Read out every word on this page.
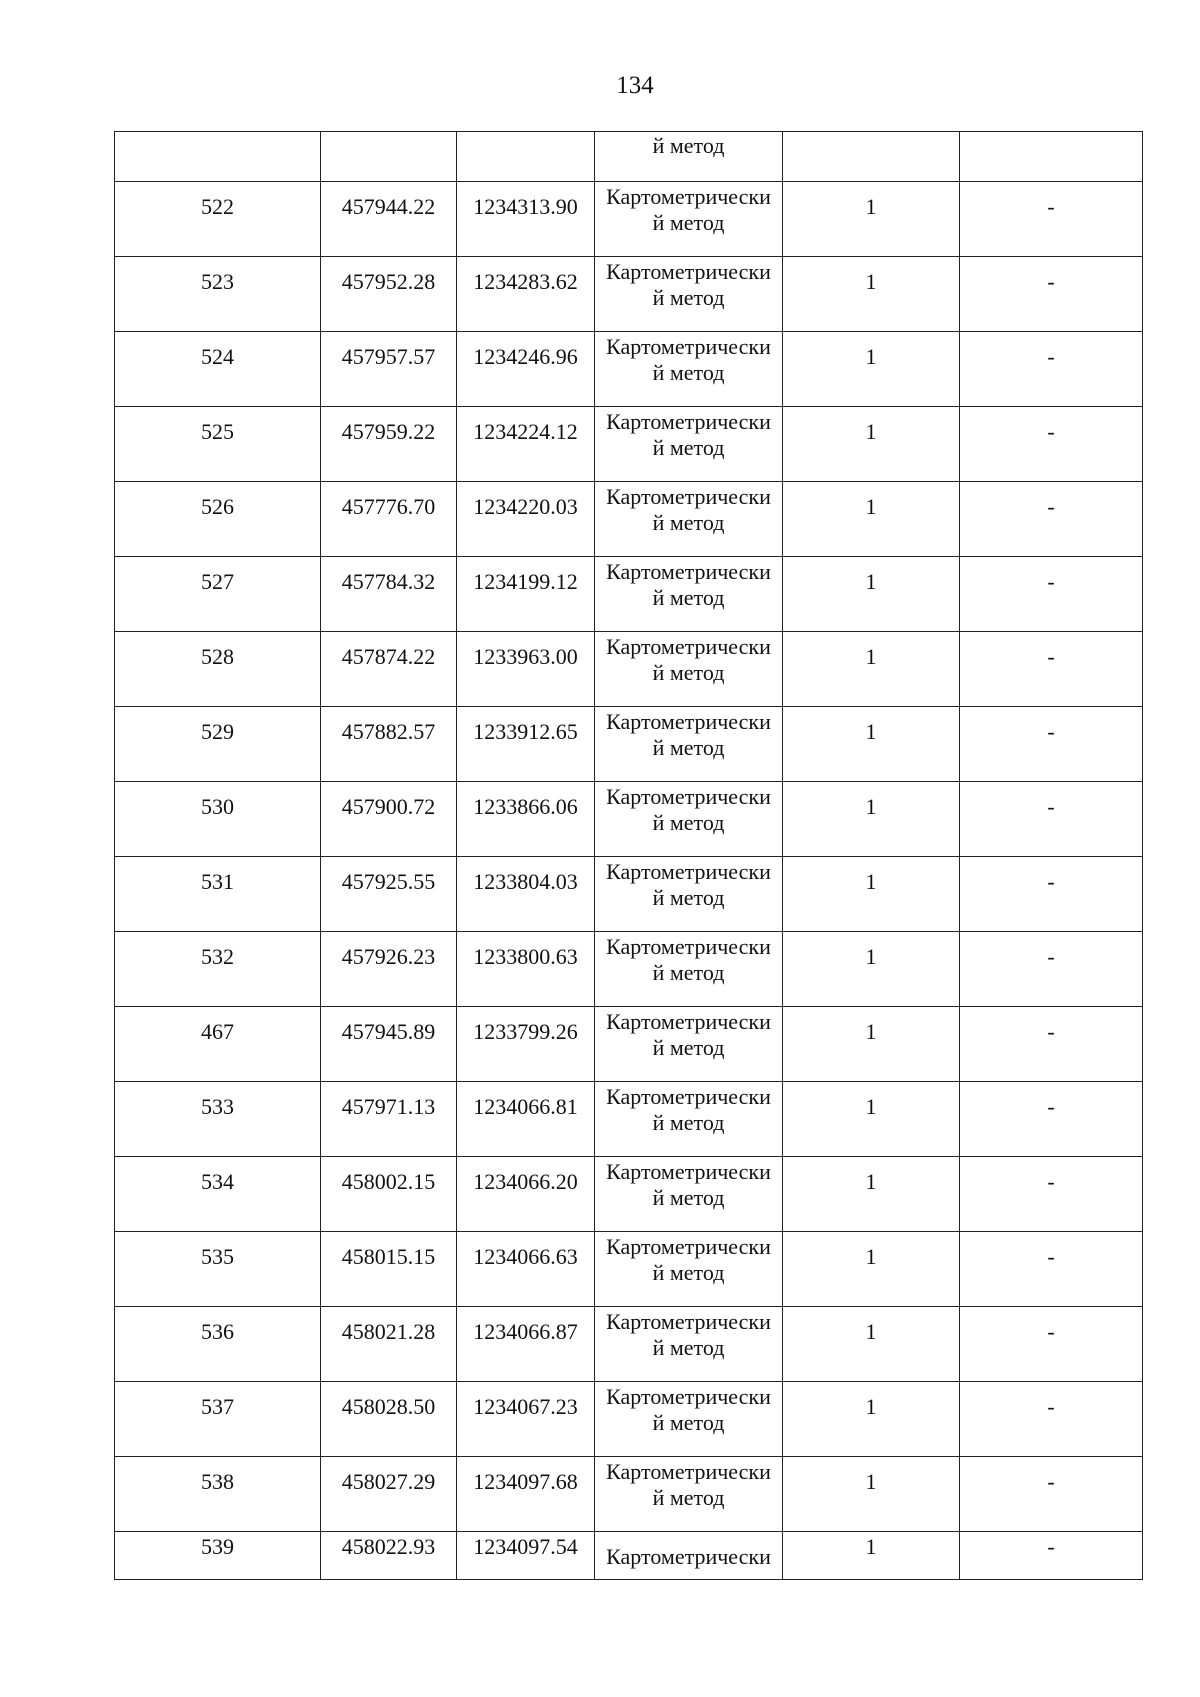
134
			й метод		
522	457944.22	1234313.90	Картометрически
й метод	1	-
523	457952.28	1234283.62	Картометрически
й метод	1	-
524	457957.57	1234246.96	Картометрически
й метод	1	-
525	457959.22	1234224.12	Картометрически
й метод	1	-
526	457776.70	1234220.03	Картометрически
й метод	1	-
527	457784.32	1234199.12	Картометрически
й метод	1	-
528	457874.22	1233963.00	Картометрически
й метод	1	-
529	457882.57	1233912.65	Картометрически
й метод	1	-
530	457900.72	1233866.06	Картометрически
й метод	1	-
531	457925.55	1233804.03	Картометрически
й метод	1	-
532	457926.23	1233800.63	Картометрически
й метод	1	-
467	457945.89	1233799.26	Картометрически
й метод	1	-
533	457971.13	1234066.81	Картометрически
й метод	1	-
534	458002.15	1234066.20	Картометрически
й метод	1	-
535	458015.15	1234066.63	Картометрически
й метод	1	-
536	458021.28	1234066.87	Картометрически
й метод	1	-
537	458028.50	1234067.23	Картометрически
й метод	1	-
538	458027.29	1234097.68	Картометрически
й метод	1	-
539	458022.93	1234097.54	Картометрически	1	-
